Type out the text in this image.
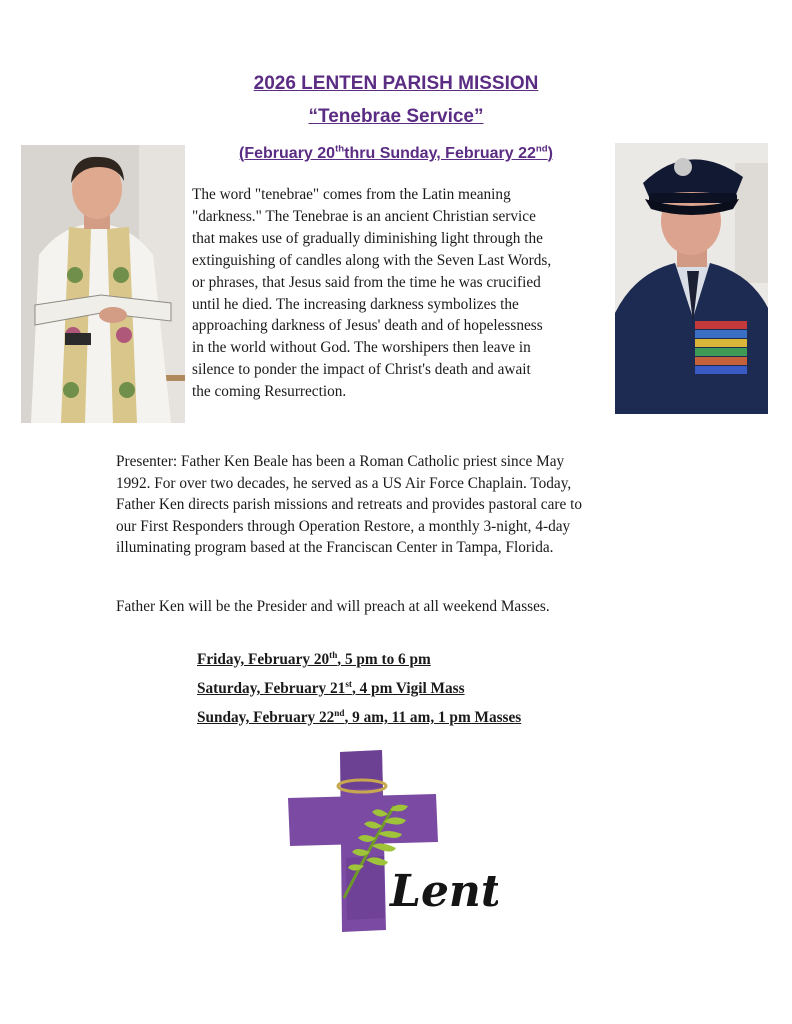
2026 LENTEN PARISH MISSION
“Tenebrae Service”
(February 20ththru Sunday, February 22nd)
The word "tenebrae" comes from the Latin meaning
"darkness." The Tenebrae is an ancient Christian service
that makes use of gradually diminishing light through the
extinguishing of candles along with the Seven Last Words,
or phrases, that Jesus said from the time he was crucified
until he died. The increasing darkness symbolizes the
approaching darkness of Jesus' death and of hopelessness
in the world without God. The worshipers then leave in
silence to ponder the impact of Christ's death and await
the coming Resurrection.
Presenter: Father Ken Beale has been a Roman Catholic priest since May
1992. For over two decades, he served as a US Air Force Chaplain. Today,
Father Ken directs parish missions and retreats and provides pastoral care to
our First Responders through Operation Restore, a monthly 3-night, 4-day
illuminating program based at the Franciscan Center in Tampa, Florida.
Father Ken will be the Presider and will preach at all weekend Masses.
Friday, February 20th, 5 pm to 6 pm
Saturday, February 21st, 4 pm Vigil Mass
Sunday, February 22nd, 9 am, 11 am, 1 pm Masses
Lent
